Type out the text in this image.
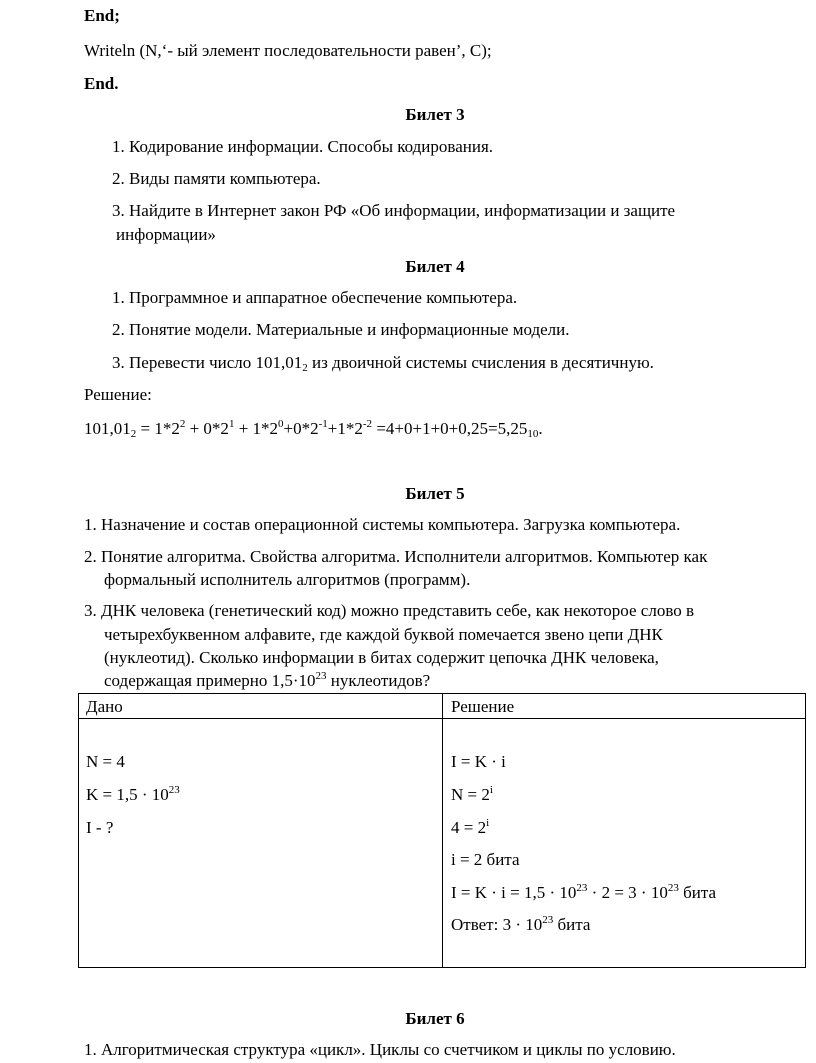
End;
Writeln (N,‘- ый элемент последовательности равен’, C);
End.
Билет 3
1. Кодирование информации. Способы кодирования.
2. Виды памяти компьютера.
3. Найдите в Интернет закон РФ «Об информации, информатизации и защите
информации»
Билет 4
1. Программное и аппаратное обеспечение компьютера.
2. Понятие модели. Материальные и информационные модели.
3. Перевести число $101,01_2$ из двоичной системы счисления в десятичную.
Решение:
$101,01_2 = 1*2^2 + 0*2^1 + 1*2^0+0*2^{-1}+1*2^{-2} =4+0+1+0+0,25=5,25_{10}$.
Билет 5
1. Назначение и состав операционной системы компьютера. Загрузка компьютера.
2. Понятие алгоритма. Свойства алгоритма. Исполнители алгоритмов. Компьютер как
формальный исполнитель алгоритмов (программ).
3. ДНК человека (генетический код) можно представить себе, как некоторое слово в
четырехбуквенном алфавите, где каждой буквой помечается звено цепи ДНК
(нуклеотид). Сколько информации в битах содержит цепочка ДНК человека,
содержащая примерно $1,5\cdot 10^{23}$ нуклеотидов?
Дано	Решение
N = 4
$K = 1,5 \cdot 10^{23}$
I - ?
I = K · i
$N = 2^i$
$4 = 2^i$
i = 2 бита
$I = K \cdot i = 1,5 \cdot 10^{23} \cdot 2 = 3 \cdot 10^{23}$ бита
Ответ: $3 \cdot 10^{23}$ бита
Билет 6
1. Алгоритмическая структура «цикл». Циклы со счетчиком и циклы по условию.
